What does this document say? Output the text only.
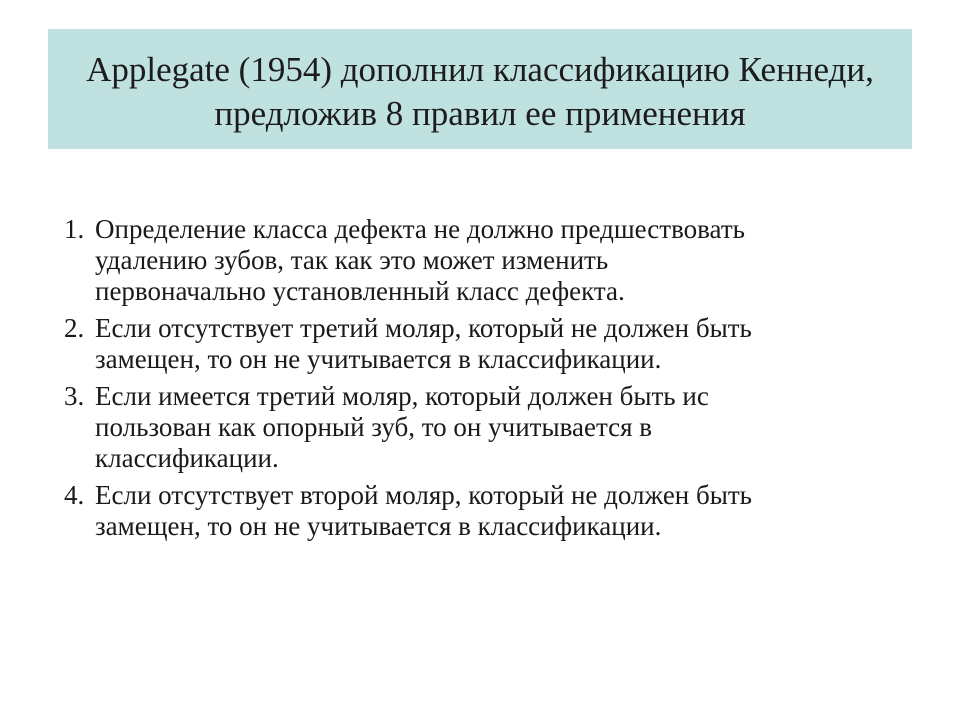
Applegate (1954) дополнил классификацию Кеннеди,
предложив 8 правил ее применения
1. Определение класса дефекта не должно предшествовать
удалению зубов, так как это может изменить
первоначально установленный класс дефекта.
2. Если отсутствует третий моляр, который не должен быть
замещен, то он не учитывается в классификации.
3. Если имеется третий моляр, который должен быть ис
пользован как опорный зуб, то он учитывается в
классификации.
4. Если отсутствует второй моляр, который не должен быть
замещен, то он не учитывается в классификации.
